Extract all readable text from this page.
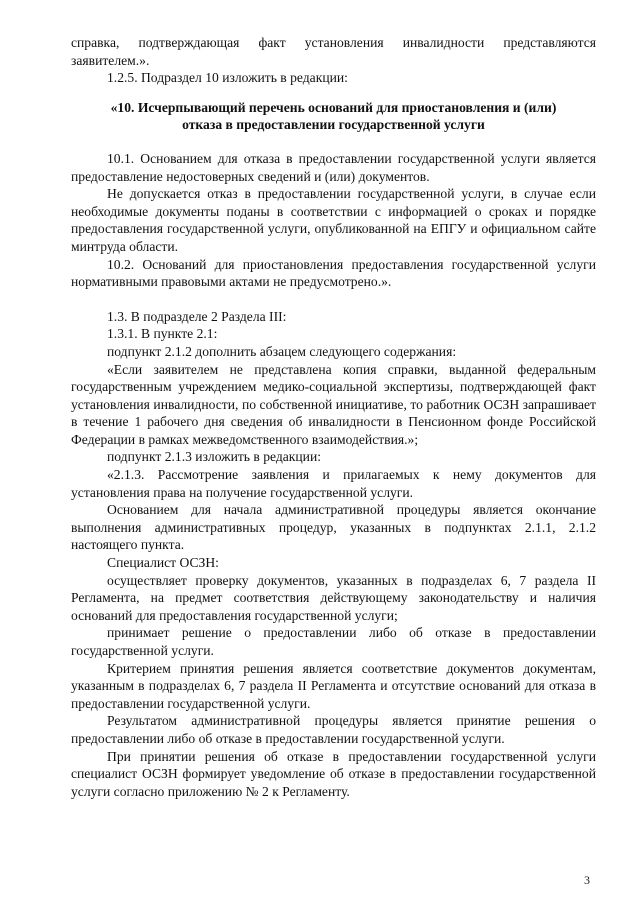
справка, подтверждающая факт установления инвалидности представляются заявителем.».

1.2.5. Подраздел 10 изложить в редакции:

«10. Исчерпывающий перечень оснований для приостановления и (или) отказа в предоставлении государственной услуги

10.1. Основанием для отказа в предоставлении государственной услуги является предоставление недостоверных сведений и (или) документов.

Не допускается отказ в предоставлении государственной услуги, в случае если необходимые документы поданы в соответствии с информацией о сроках и порядке предоставления государственной услуги, опубликованной на ЕПГУ и официальном сайте минтруда области.

10.2. Оснований для приостановления предоставления государственной услуги нормативными правовыми актами не предусмотрено.».

1.3. В подразделе 2 Раздела III:

1.3.1. В пункте 2.1:

подпункт 2.1.2 дополнить абзацем следующего содержания:

«Если заявителем не представлена копия справки, выданной федеральным государственным учреждением медико-социальной экспертизы, подтверждающей факт установления инвалидности, по собственной инициативе, то работник ОСЗН запрашивает в течение 1 рабочего дня сведения об инвалидности в Пенсионном фонде Российской Федерации в рамках межведомственного взаимодействия.»;

подпункт 2.1.3 изложить в редакции:

«2.1.3. Рассмотрение заявления и прилагаемых к нему документов для установления права на получение государственной услуги.

Основанием для начала административной процедуры является окончание выполнения административных процедур, указанных в подпунктах 2.1.1, 2.1.2 настоящего пункта.

Специалист ОСЗН:

осуществляет проверку документов, указанных в подразделах 6, 7 раздела II Регламента, на предмет соответствия действующему законодательству и наличия оснований для предоставления государственной услуги;

принимает решение о предоставлении либо об отказе в предоставлении государственной услуги.

Критерием принятия решения является соответствие документов документам, указанным в подразделах 6, 7 раздела II Регламента и отсутствие оснований для отказа в предоставлении государственной услуги.

Результатом административной процедуры является принятие решения о предоставлении либо об отказе в предоставлении государственной услуги.

При принятии решения об отказе в предоставлении государственной услуги специалист ОСЗН формирует уведомление об отказе в предоставлении государственной услуги согласно приложению № 2 к Регламенту.

3
